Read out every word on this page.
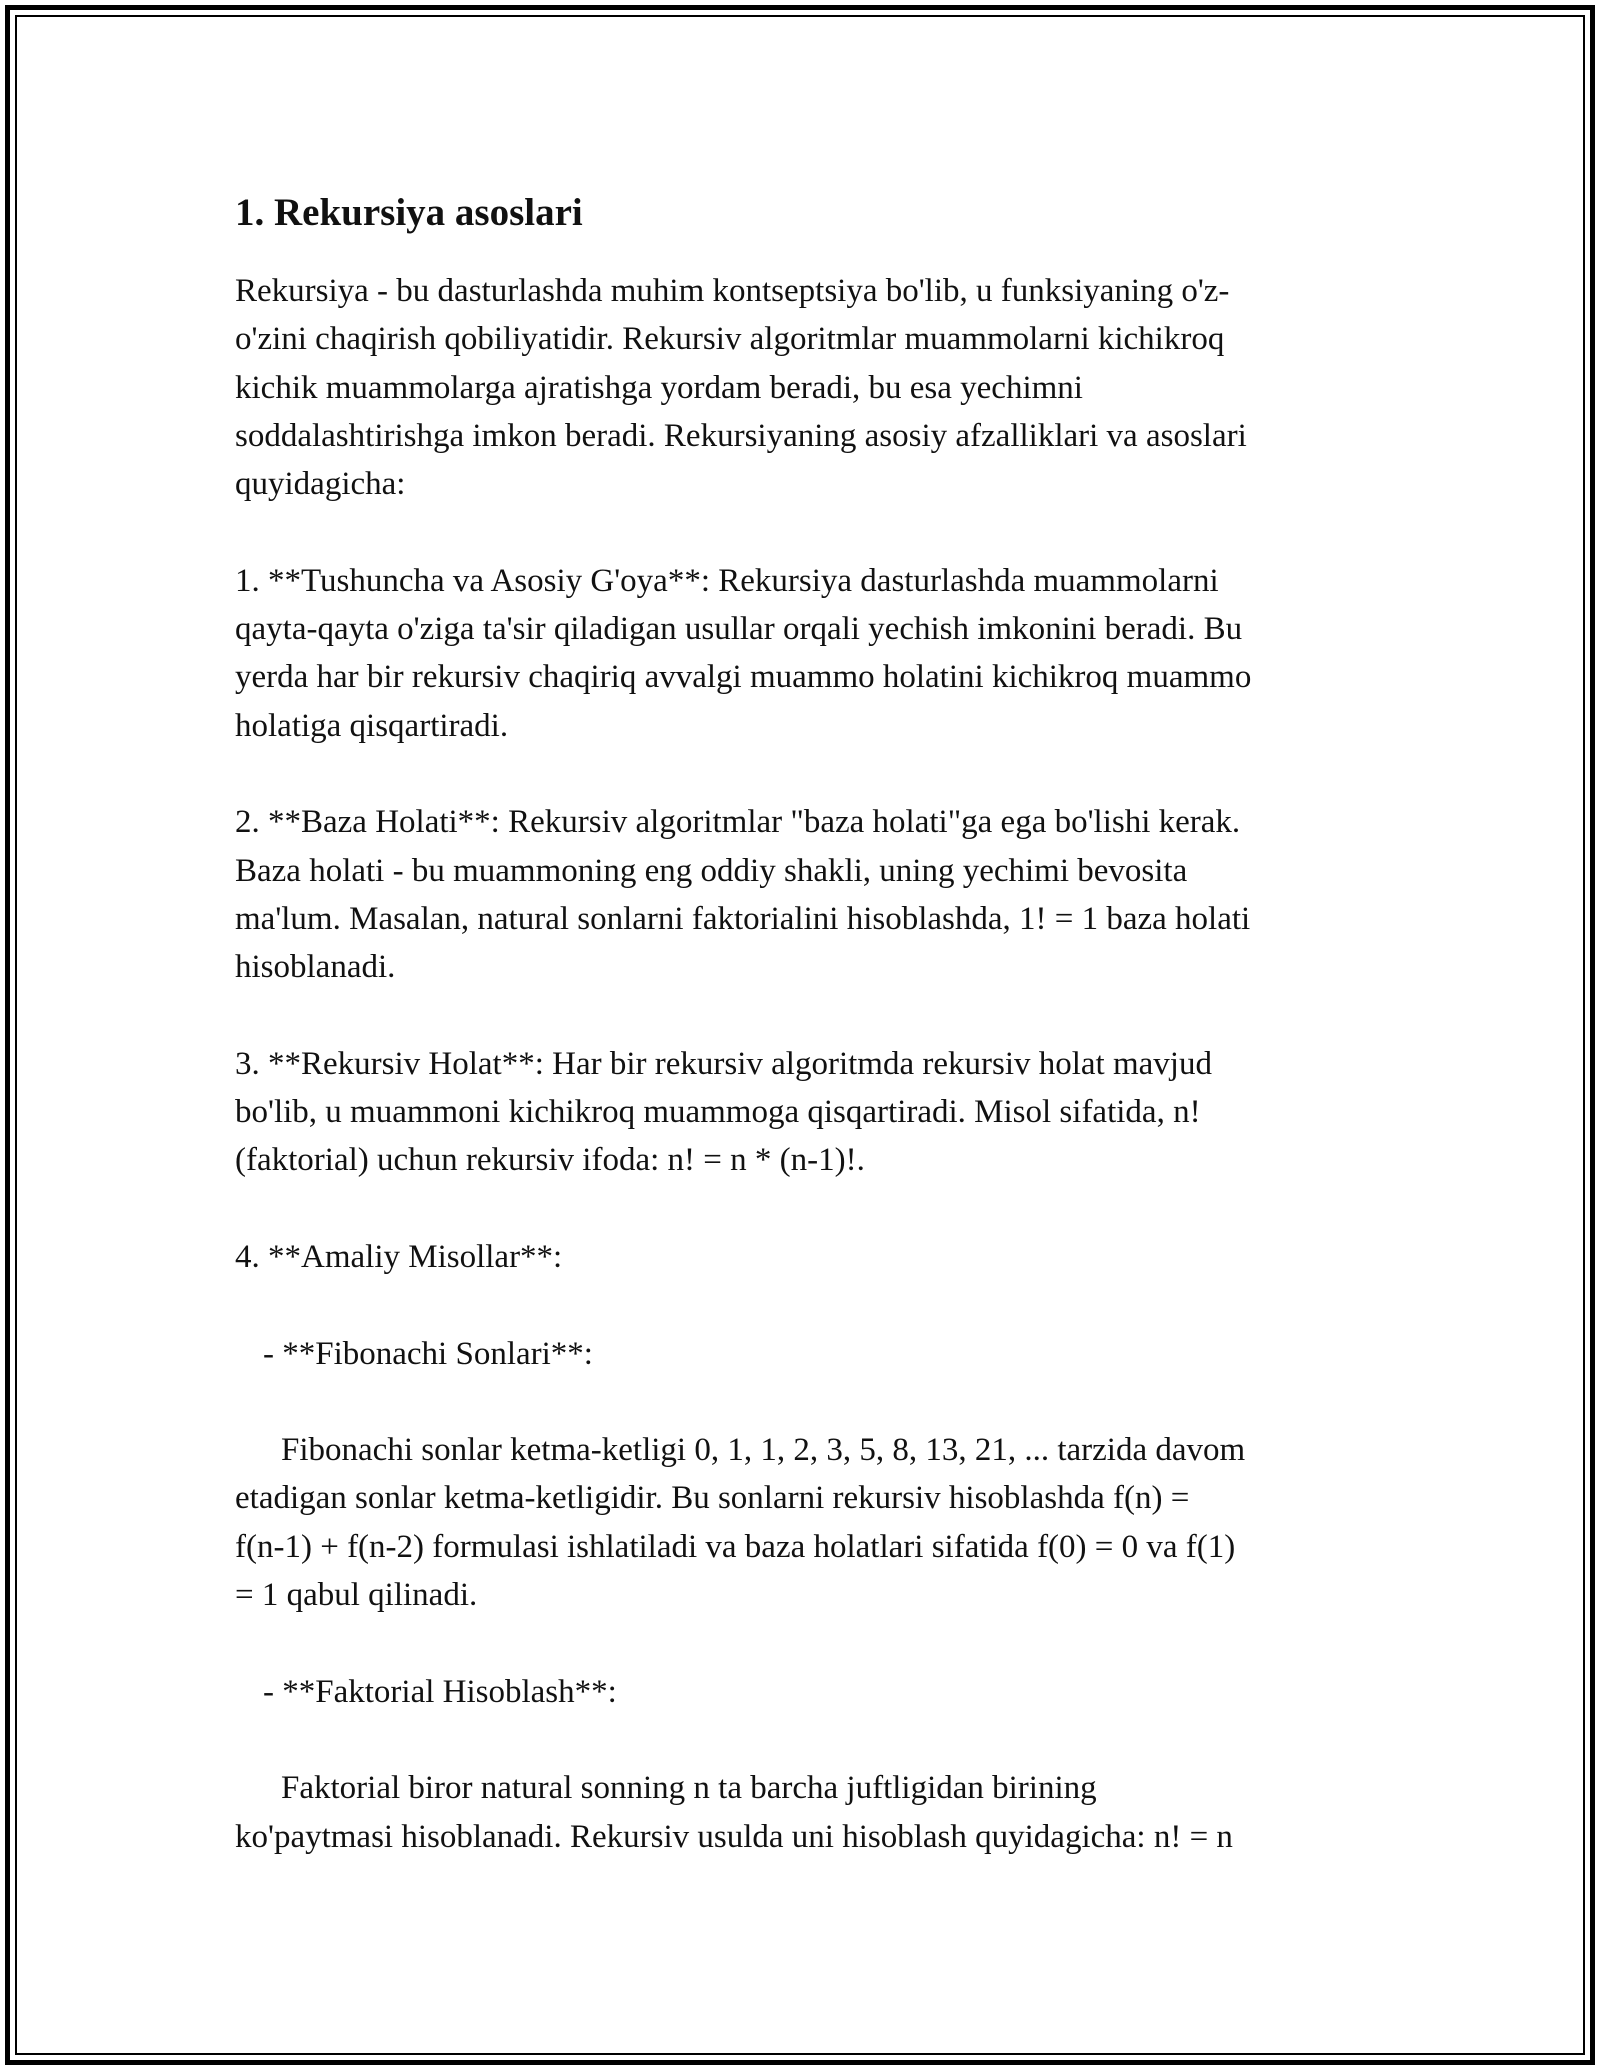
1. Rekursiya asoslari

Rekursiya - bu dasturlashda muhim kontseptsiya bo'lib, u funksiyaning o'z-
o'zini chaqirish qobiliyatidir. Rekursiv algoritmlar muammolarni kichikroq
kichik muammolarga ajratishga yordam beradi, bu esa yechimni
soddalashtirishga imkon beradi. Rekursiyaning asosiy afzalliklari va asoslari
quyidagicha:

1. **Tushuncha va Asosiy G'oya**: Rekursiya dasturlashda muammolarni
qayta-qayta o'ziga ta'sir qiladigan usullar orqali yechish imkonini beradi. Bu
yerda har bir rekursiv chaqiriq avvalgi muammo holatini kichikroq muammo
holatiga qisqartiradi.

2. **Baza Holati**: Rekursiv algoritmlar "baza holati"ga ega bo'lishi kerak.
Baza holati - bu muammoning eng oddiy shakli, uning yechimi bevosita
ma'lum. Masalan, natural sonlarni faktorialini hisoblashda, 1! = 1 baza holati
hisoblanadi.

3. **Rekursiv Holat**: Har bir rekursiv algoritmda rekursiv holat mavjud
bo'lib, u muammoni kichikroq muammoga qisqartiradi. Misol sifatida, n!
(faktorial) uchun rekursiv ifoda: n! = n * (n-1)!.

4. **Amaliy Misollar**:

- **Fibonachi Sonlari**:

Fibonachi sonlar ketma-ketligi 0, 1, 1, 2, 3, 5, 8, 13, 21, ... tarzida davom
etadigan sonlar ketma-ketligidir. Bu sonlarni rekursiv hisoblashda f(n) =
f(n-1) + f(n-2) formulasi ishlatiladi va baza holatlari sifatida f(0) = 0 va f(1)
= 1 qabul qilinadi.

- **Faktorial Hisoblash**:

Faktorial biror natural sonning n ta barcha juftligidan birining
ko'paytmasi hisoblanadi. Rekursiv usulda uni hisoblash quyidagicha: n! = n
